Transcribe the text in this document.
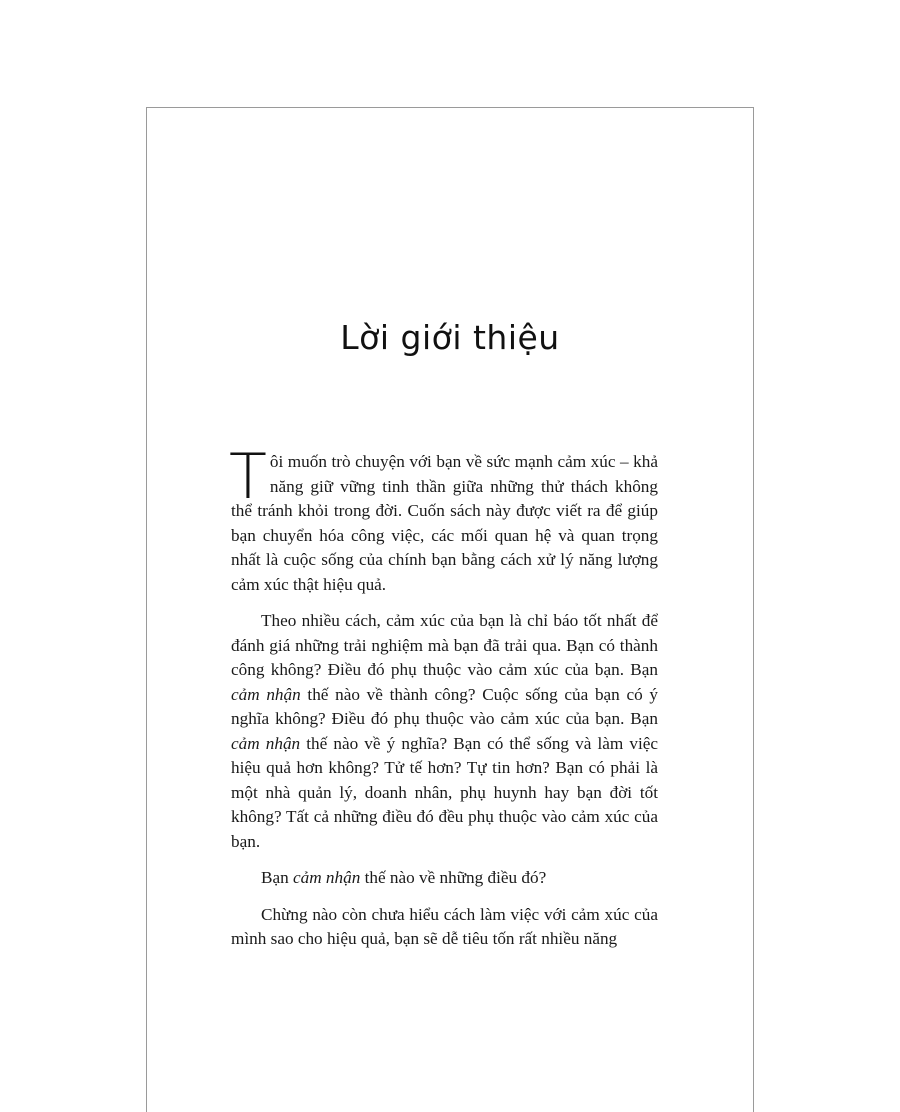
Lời giới thiệu

Tôi muốn trò chuyện với bạn về sức mạnh cảm xúc – khả năng giữ vững tinh thần giữa những thử thách không thể tránh khỏi trong đời. Cuốn sách này được viết ra để giúp bạn chuyển hóa công việc, các mối quan hệ và quan trọng nhất là cuộc sống của chính bạn bằng cách xử lý năng lượng cảm xúc thật hiệu quả.

Theo nhiều cách, cảm xúc của bạn là chỉ báo tốt nhất để đánh giá những trải nghiệm mà bạn đã trải qua. Bạn có thành công không? Điều đó phụ thuộc vào cảm xúc của bạn. Bạn cảm nhận thế nào về thành công? Cuộc sống của bạn có ý nghĩa không? Điều đó phụ thuộc vào cảm xúc của bạn. Bạn cảm nhận thế nào về ý nghĩa? Bạn có thể sống và làm việc hiệu quả hơn không? Tử tế hơn? Tự tin hơn? Bạn có phải là một nhà quản lý, doanh nhân, phụ huynh hay bạn đời tốt không? Tất cả những điều đó đều phụ thuộc vào cảm xúc của bạn.

Bạn cảm nhận thế nào về những điều đó?

Chừng nào còn chưa hiểu cách làm việc với cảm xúc của mình sao cho hiệu quả, bạn sẽ dễ tiêu tốn rất nhiều năng
